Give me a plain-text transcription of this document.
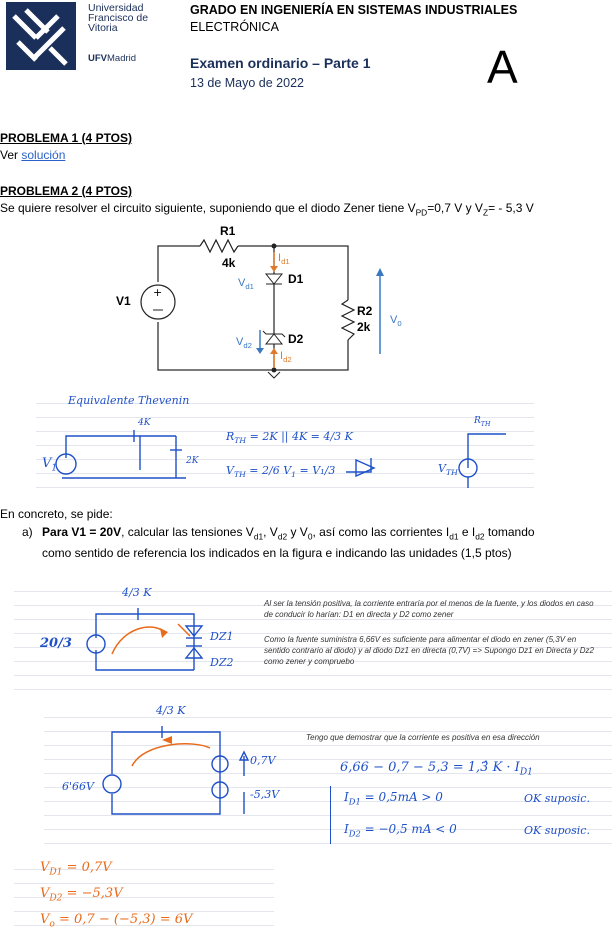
Universidad
Francisco de
Vitoria
UFVMadrid
GRADO EN INGENIERÍA EN SISTEMAS INDUSTRIALES
ELECTRÓNICA
Examen ordinario – Parte 1
13 de Mayo de 2022	A
PROBLEMA 1 (4 PTOS)
Ver solución
PROBLEMA 2 (4 PTOS)
Se quiere resolver el circuito siguiente, suponiendo que el diodo Zener tiene $V_{PD}=0,7$ V y $V_Z= - 5,3$ V
+
R1
4k
V1
D1
D2
R2
2k
$I_{d1}$
$I_{d2}$
$V_{d1}$
$V_{d2}$
$V_0$
Equivalente Thevenin
4K
2K
$V_1$
$R_{TH} = 2K$ || 4K = 4/3 K
$V_{TH} = 2/6$ $V_1 = V_1/3$
$R_{TH}$
$V_{TH}$
En concreto, se pide:
a) Para V1 = 20V, calcular las tensiones $V_{d1}$, $V_{d2}$ y $V_0$, así como las corrientes $I_{d1}$ e $I_{d2}$ tomando
como sentido de referencia los indicados en la figura e indicando las unidades (1,5 ptos)
4/3 K
20/3	DZ1
DZ2
Al ser la tensión positiva, la corriente entraría por el menos de la fuente, y los diodos en caso de conducir lo harían: D1 en directa y D2 como zener
Como la fuente suministra 6,66V es suficiente para alimentar el diodo en zener (5,3V en sentido contrario al diodo) y al diodo Dz1 en directa (0,7V) => Supongo Dz1 en Directa y Dz2 como zener y compruebo
4/3 K
6'66V
0,7V
-5,3V
Tengo que demostrar que la corriente es positiva en esa dirección
6,66 − 0,7 − 5,3 = 1,3̂ $K \cdot I_{D1}$
$I_{D1} = 0,5mA > 0$	OK suposic.
$I_{D2} = -0,5$ mA < 0	OK suposic.
$V_{D1} = 0,7V$
$V_{D2} = -5,3V$
$V_o = 0,7 - (-5,3) = 6V$
